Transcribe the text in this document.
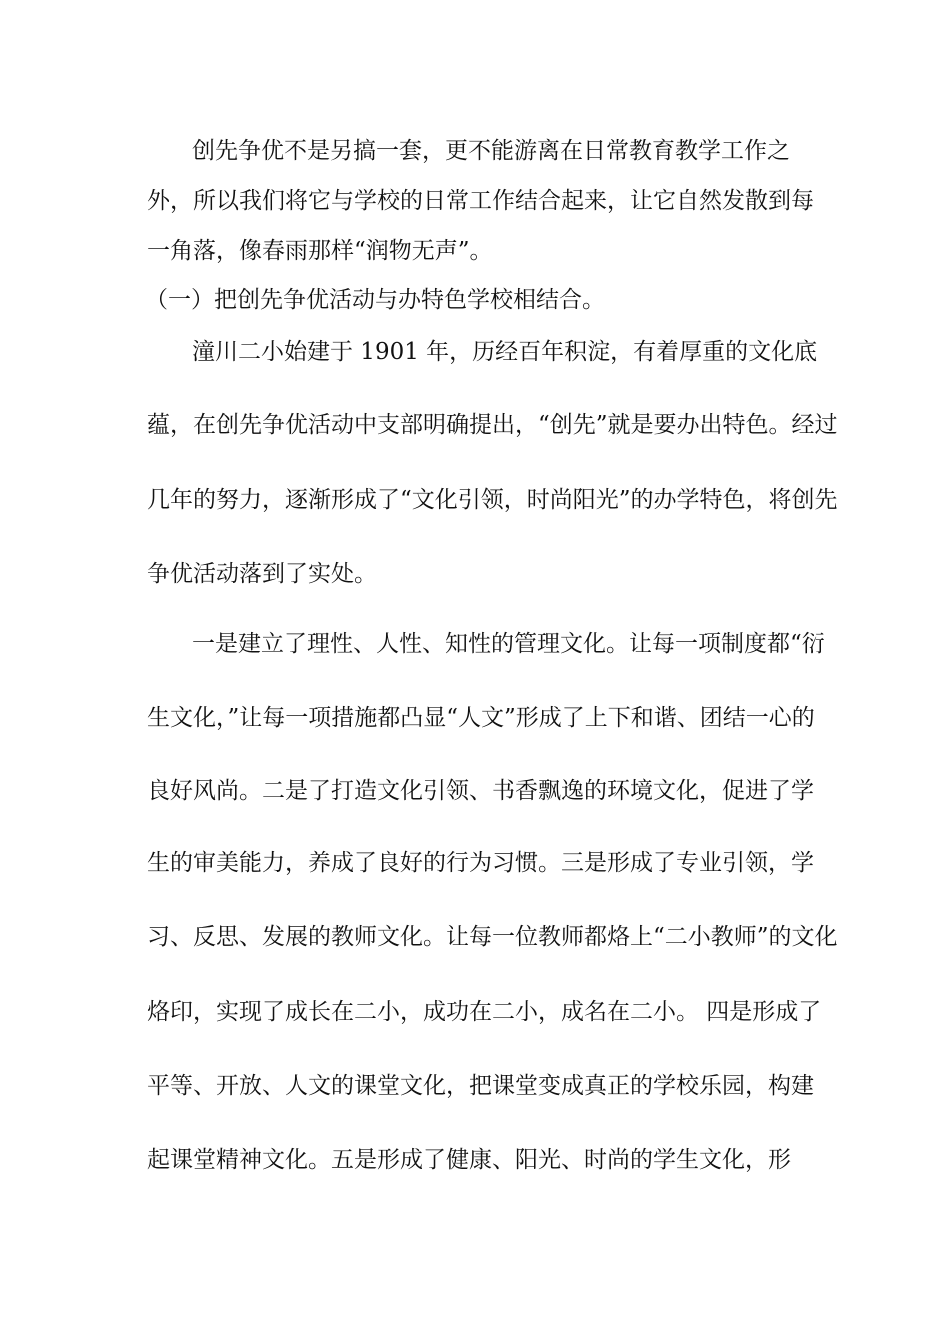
创先争优不是另搞一套，更不能游离在日常教育教学工作之
外，所以我们将它与学校的日常工作结合起来，让它自然发散到每
一角落，像春雨那样“润物无声”。
（一）把创先争优活动与办特色学校相结合。
潼川二小始建于 1901 年，历经百年积淀，有着厚重的文化底
蕴，在创先争优活动中支部明确提出，“创先”就是要办出特色。经过
几年的努力，逐渐形成了“文化引领，时尚阳光”的办学特色，将创先
争优活动落到了实处。
一是建立了理性、人性、知性的管理文化。让每一项制度都“衍
生文化，”让每一项措施都凸显“人文”形成了上下和谐、团结一心的
良好风尚。二是了打造文化引领、书香飘逸的环境文化，促进了学
生的审美能力，养成了良好的行为习惯。三是形成了专业引领，学
习、反思、发展的教师文化。让每一位教师都烙上“二小教师”的文化
烙印，实现了成长在二小，成功在二小，成名在二小。 四是形成了
平等、开放、人文的课堂文化，把课堂变成真正的学校乐园，构建
起课堂精神文化。五是形成了健康、阳光、时尚的学生文化，形
